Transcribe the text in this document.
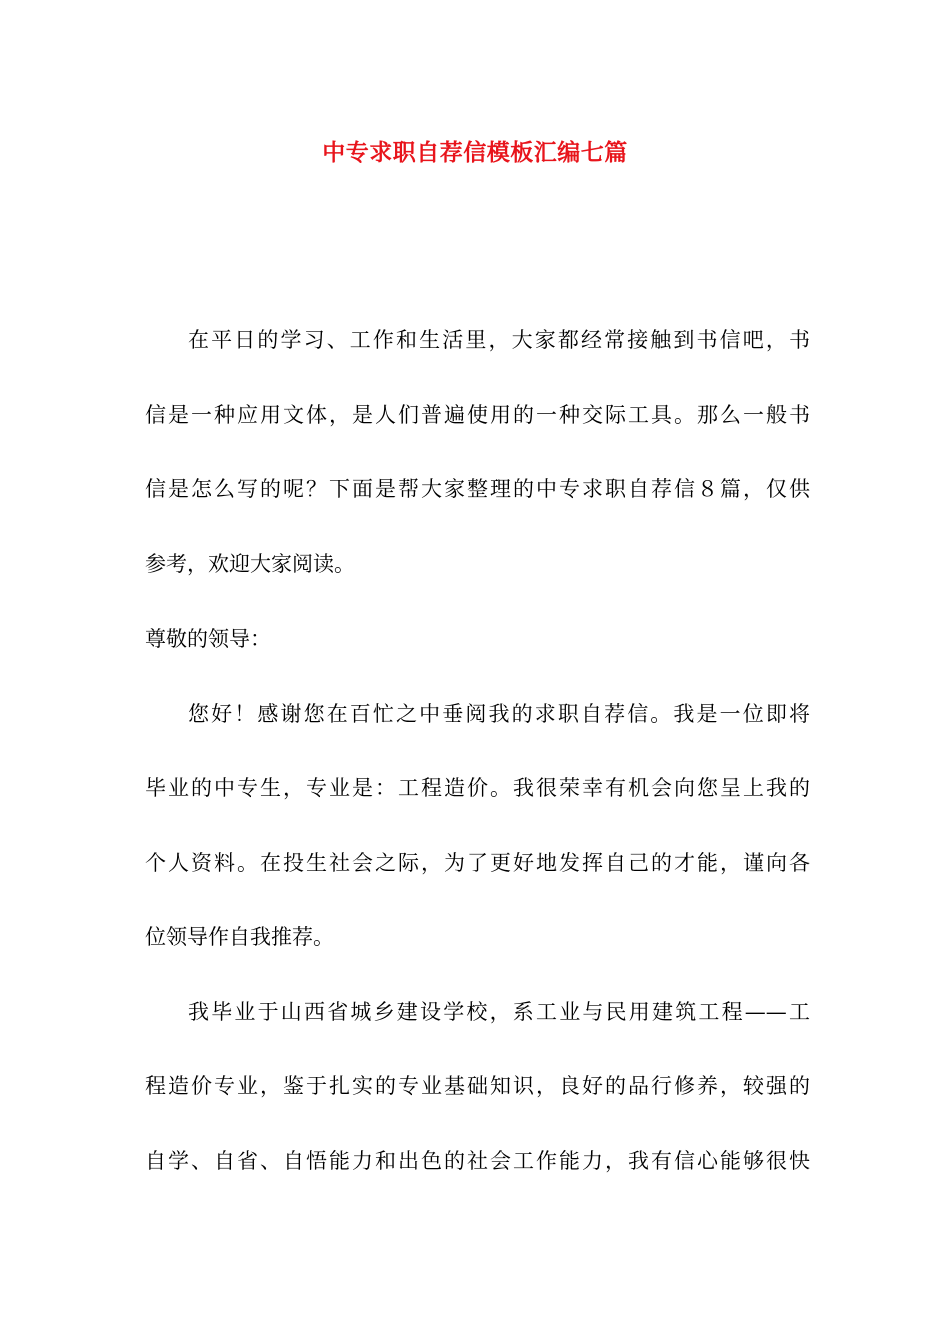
中专求职自荐信模板汇编七篇
在平日的学习、工作和生活里，大家都经常接触到书信吧，书
信是一种应用文体，是人们普遍使用的一种交际工具。那么一般书
信是怎么写的呢？下面是帮大家整理的中专求职自荐信８篇，仅供
参考，欢迎大家阅读。
尊敬的领导：
您好！感谢您在百忙之中垂阅我的求职自荐信。我是一位即将
毕业的中专生，专业是：工程造价。我很荣幸有机会向您呈上我的
个人资料。在投生社会之际，为了更好地发挥自己的才能，谨向各
位领导作自我推荐。
我毕业于山西省城乡建设学校，系工业与民用建筑工程——工
程造价专业，鉴于扎实的专业基础知识，良好的品行修养，较强的
自学、自省、自悟能力和出色的社会工作能力，我有信心能够很快
